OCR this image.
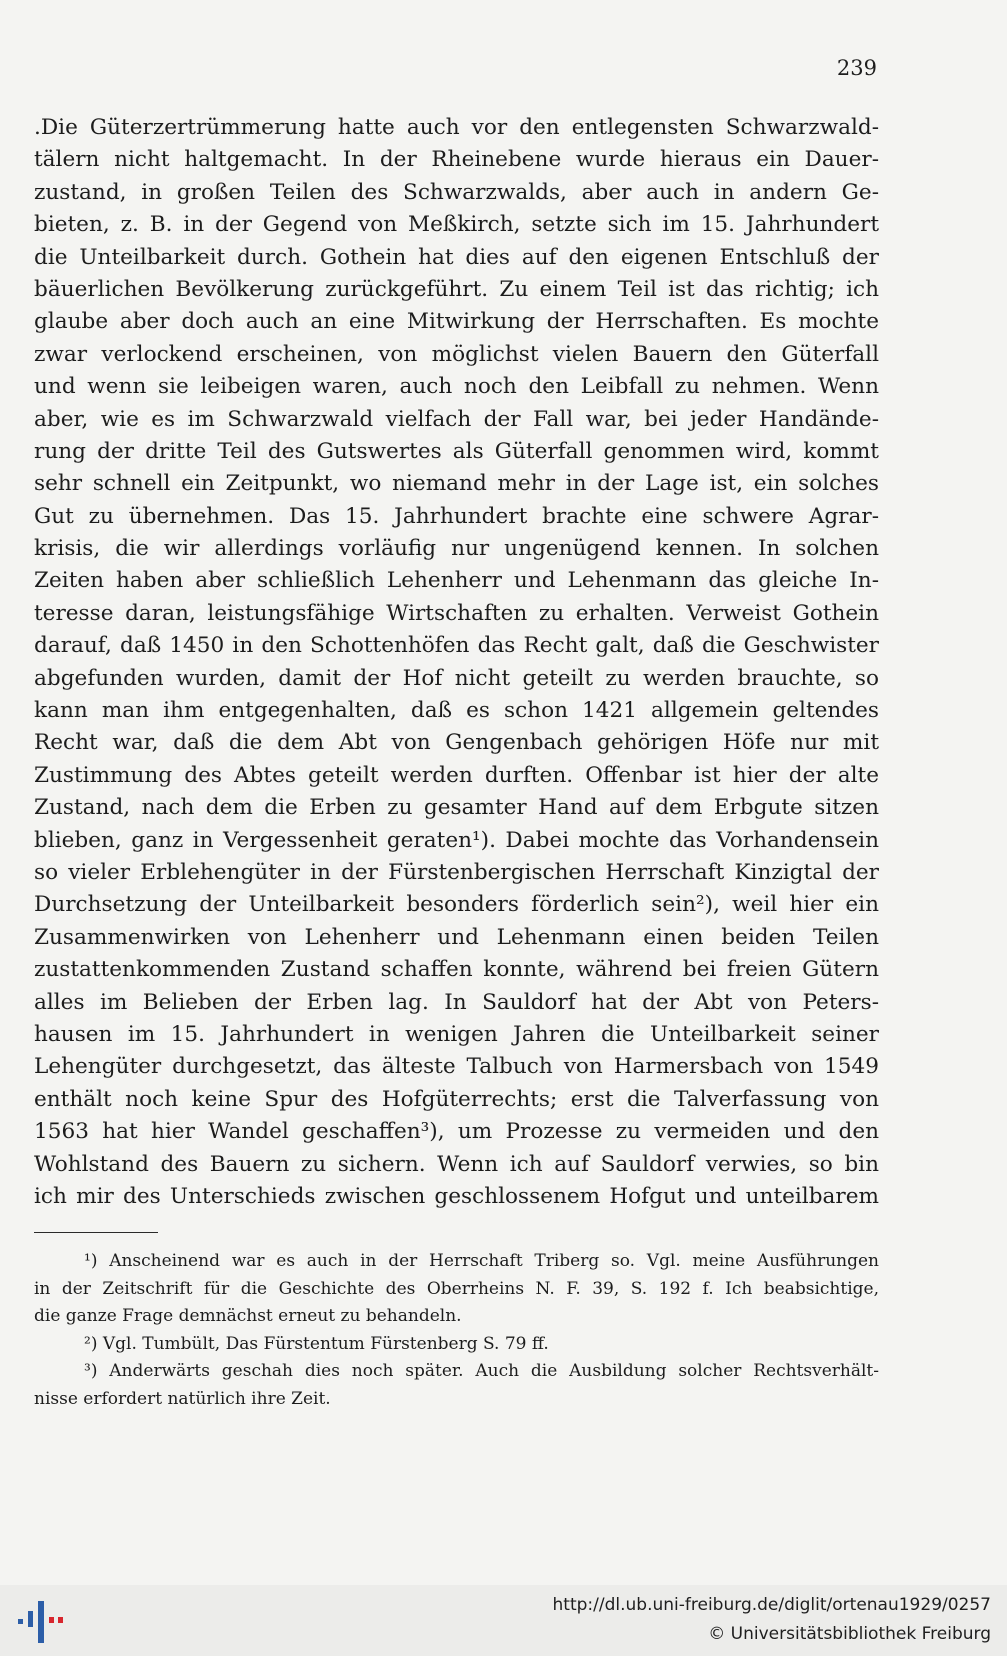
239
.Die Güterzertrümmerung hatte auch vor den entlegensten Schwarzwald-
tälern nicht haltgemacht. In der Rheinebene wurde hieraus ein Dauer-
zustand, in großen Teilen des Schwarzwalds, aber auch in andern Ge-
bieten, z. B. in der Gegend von Meßkirch, setzte sich im 15. Jahrhundert
die Unteilbarkeit durch. Gothein hat dies auf den eigenen Entschluß der
bäuerlichen Bevölkerung zurückgeführt. Zu einem Teil ist das richtig; ich
glaube aber doch auch an eine Mitwirkung der Herrschaften. Es mochte
zwar verlockend erscheinen, von möglichst vielen Bauern den Güterfall
und wenn sie leibeigen waren, auch noch den Leibfall zu nehmen. Wenn
aber, wie es im Schwarzwald vielfach der Fall war, bei jeder Handände-
rung der dritte Teil des Gutswertes als Güterfall genommen wird, kommt
sehr schnell ein Zeitpunkt, wo niemand mehr in der Lage ist, ein solches
Gut zu übernehmen. Das 15. Jahrhundert brachte eine schwere Agrar-
krisis, die wir allerdings vorläufig nur ungenügend kennen. In solchen
Zeiten haben aber schließlich Lehenherr und Lehenmann das gleiche In-
teresse daran, leistungsfähige Wirtschaften zu erhalten. Verweist Gothein
darauf, daß 1450 in den Schottenhöfen das Recht galt, daß die Geschwister
abgefunden wurden, damit der Hof nicht geteilt zu werden brauchte, so
kann man ihm entgegenhalten, daß es schon 1421 allgemein geltendes
Recht war, daß die dem Abt von Gengenbach gehörigen Höfe nur mit
Zustimmung des Abtes geteilt werden durften. Offenbar ist hier der alte
Zustand, nach dem die Erben zu gesamter Hand auf dem Erbgute sitzen
blieben, ganz in Vergessenheit geraten¹). Dabei mochte das Vorhandensein
so vieler Erblehengüter in der Fürstenbergischen Herrschaft Kinzigtal der
Durchsetzung der Unteilbarkeit besonders förderlich sein²), weil hier ein
Zusammenwirken von Lehenherr und Lehenmann einen beiden Teilen
zustattenkommenden Zustand schaffen konnte, während bei freien Gütern
alles im Belieben der Erben lag. In Sauldorf hat der Abt von Peters-
hausen im 15. Jahrhundert in wenigen Jahren die Unteilbarkeit seiner
Lehengüter durchgesetzt, das älteste Talbuch von Harmersbach von 1549
enthält noch keine Spur des Hofgüterrechts; erst die Talverfassung von
1563 hat hier Wandel geschaffen³), um Prozesse zu vermeiden und den
Wohlstand des Bauern zu sichern. Wenn ich auf Sauldorf verwies, so bin
ich mir des Unterschieds zwischen geschlossenem Hofgut und unteilbarem
¹) Anscheinend war es auch in der Herrschaft Triberg so. Vgl. meine Ausführungen
in der Zeitschrift für die Geschichte des Oberrheins N. F. 39, S. 192 f. Ich beabsichtige,
die ganze Frage demnächst erneut zu behandeln.
²) Vgl. Tumbült, Das Fürstentum Fürstenberg S. 79 ff.
³) Anderwärts geschah dies noch später. Auch die Ausbildung solcher Rechtsverhält-
nisse erfordert natürlich ihre Zeit.
http://dl.ub.uni-freiburg.de/diglit/ortenau1929/0257
© Universitätsbibliothek Freiburg
